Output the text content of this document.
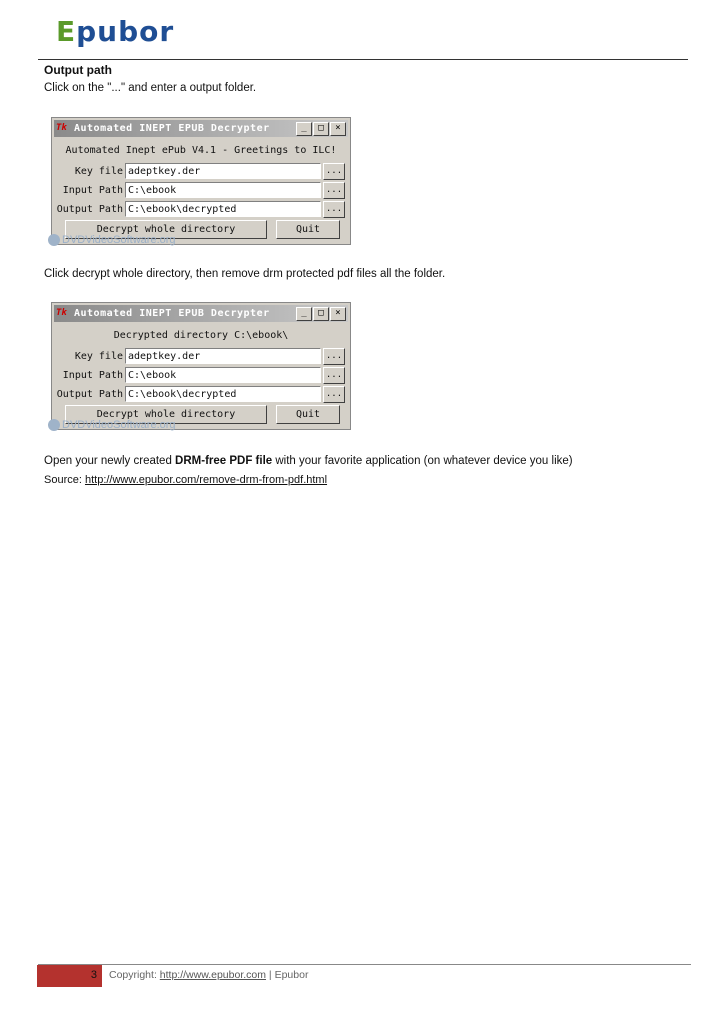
Epubor
Output path
Click on the "..." and enter a output folder.
Tk Automated INEPT EPUB Decrypter	_	□	×
Automated Inept ePub V4.1 - Greetings to ILC!
Key file adeptkey.der	...
Input Path C:\ebook	...
Output Path C:\ebook\decrypted	...
Decrypt whole directory	Quit
DVDVideoSoftware.org
Click decrypt whole directory, then remove drm protected pdf files all the folder.
Tk Automated INEPT EPUB Decrypter	_	□	×
Decrypted directory C:\ebook\
Key file adeptkey.der	...
Input Path C:\ebook	...
Output Path C:\ebook\decrypted	...
Decrypt whole directory	Quit
DVDVideoSoftware.org
Open your newly created DRM-free PDF file with your favorite application (on whatever device you like)
Source: http://www.epubor.com/remove-drm-from-pdf.html
3 Copyright: http://www.epubor.com | Epubor
